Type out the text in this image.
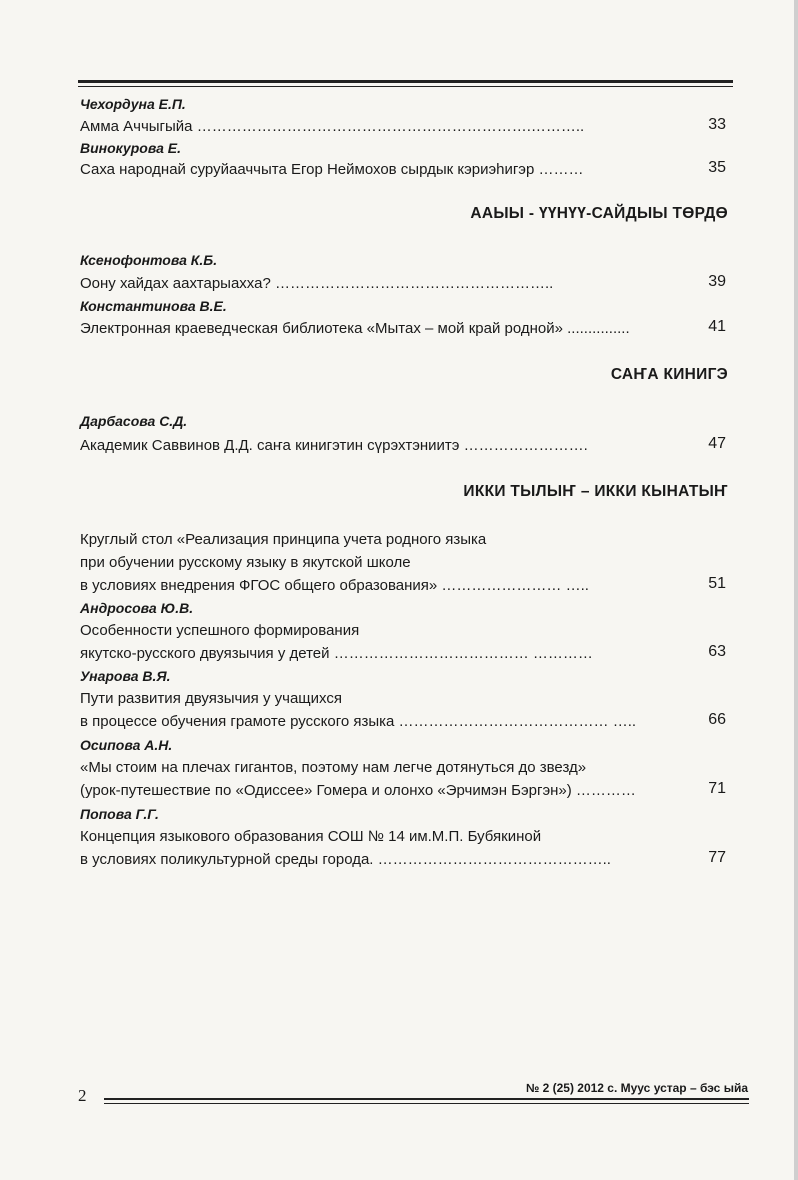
Чехордуна Е.П.
Амма Аччыгыйа ………………………………………………………….………..	33
Винокурова Е.
Саха народнай суруйааччыта Егор Неймохов сырдык кэриэhигэр ………	35
ААЫЫ - ҮҮНҮҮ-САЙДЫЫ ТӨРДӨ
Ксенофонтова К.Б.
Оону хайдах аахтарыахха? ………………………………………………..	39
Константинова В.Е.
Электронная краеведческая библиотека «Мытах – мой край родной» ...............	41
САҤА КИНИГЭ
Дарбасова С.Д.
Академик Саввинов Д.Д. саҥа кинигэтин сүрэхтэниитэ …………………….	47
ИККИ ТЫЛЫҤ – ИККИ КЫНАТЫҤ
Круглый стол «Реализация принципа учета родного языка
при обучении русскому языку в якутской школе
в условиях внедрения ФГОС общего образования» …………………… …..	51
Андросова Ю.В.
Особенности успешного формирования
якутско-русского двуязычия у детей ………………………………… …………	63
Унарова В.Я.
Пути развития двуязычия у учащихся
в процессе обучения грамоте русского языка …………………………………… …..	66
Осипова А.Н.
«Мы стоим на плечах гигантов, поэтому нам легче дотянуться до звезд»
(урок-путешествие по «Одиссее» Гомера и олонхо «Эрчимэн Бэргэн») …………	71
Попова Г.Г.
Концепция языкового образования СОШ № 14 им.М.П. Бубякиной
в условиях поликультурной среды города. ………………………………………..	77
2	№ 2 (25) 2012 с. Муус устар – бэс ыйа
